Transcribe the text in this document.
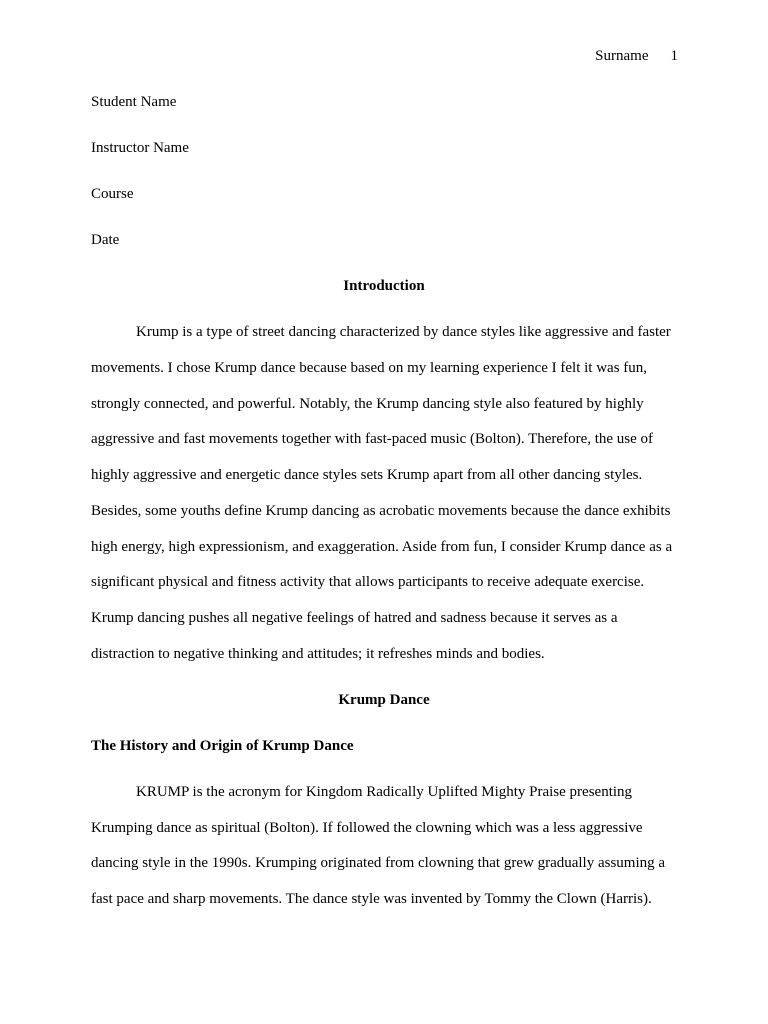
Surname 1
Student Name
Instructor Name
Course
Date
Introduction
Krump is a type of street dancing characterized by dance styles like aggressive and faster
movements. I chose Krump dance because based on my learning experience I felt it was fun,
strongly connected, and powerful. Notably, the Krump dancing style also featured by highly
aggressive and fast movements together with fast-paced music (Bolton). Therefore, the use of
highly aggressive and energetic dance styles sets Krump apart from all other dancing styles.
Besides, some youths define Krump dancing as acrobatic movements because the dance exhibits
high energy, high expressionism, and exaggeration. Aside from fun, I consider Krump dance as a
significant physical and fitness activity that allows participants to receive adequate exercise.
Krump dancing pushes all negative feelings of hatred and sadness because it serves as a
distraction to negative thinking and attitudes; it refreshes minds and bodies.
Krump Dance
The History and Origin of Krump Dance
KRUMP is the acronym for Kingdom Radically Uplifted Mighty Praise presenting
Krumping dance as spiritual (Bolton). If followed the clowning which was a less aggressive
dancing style in the 1990s. Krumping originated from clowning that grew gradually assuming a
fast pace and sharp movements. The dance style was invented by Tommy the Clown (Harris).
